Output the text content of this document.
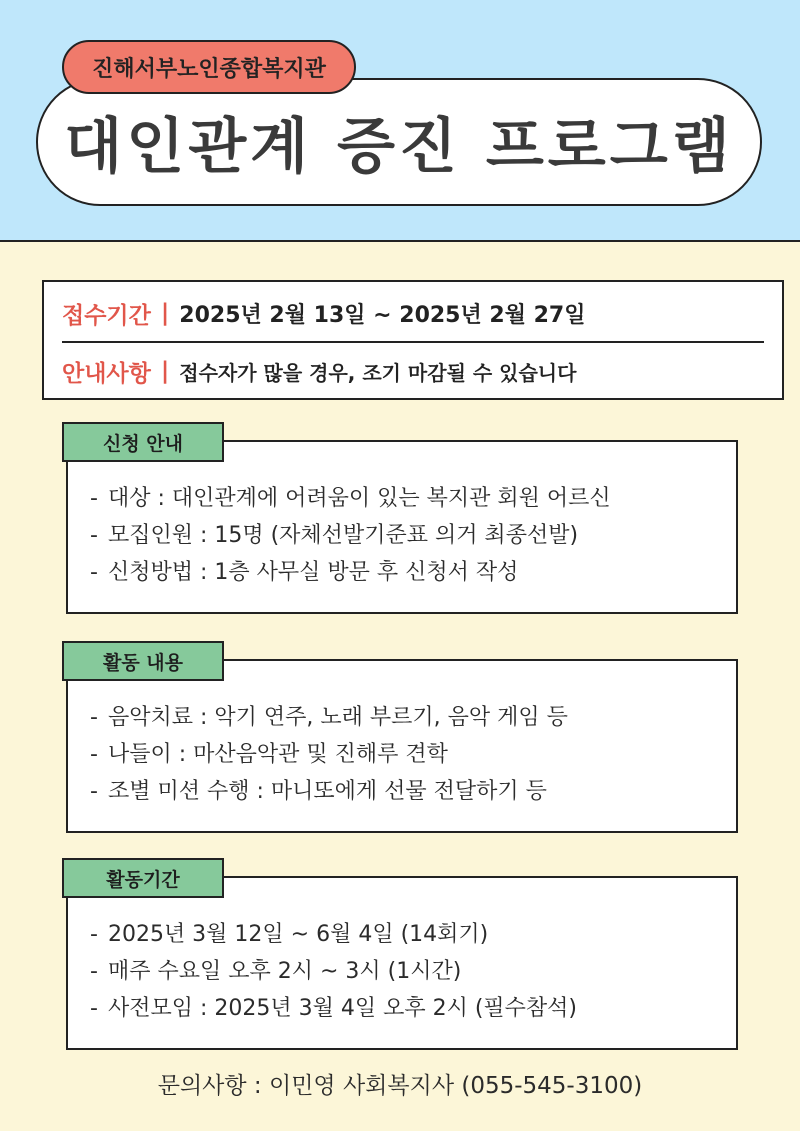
진해서부노인종합복지관
대인관계 증진 프로그램
접수기간 | 2025년 2월 13일 ~ 2025년 2월 27일
안내사항 | 접수자가 많을 경우, 조기 마감될 수 있습니다
신청 안내
- 대상 : 대인관계에 어려움이 있는 복지관 회원 어르신
- 모집인원 : 15명 (자체선발기준표 의거 최종선발)
- 신청방법 : 1층 사무실 방문 후 신청서 작성
활동 내용
- 음악치료 : 악기 연주, 노래 부르기, 음악 게임 등
- 나들이 : 마산음악관 및 진해루 견학
- 조별 미션 수행 : 마니또에게 선물 전달하기 등
활동기간
- 2025년 3월 12일 ~ 6월 4일 (14회기)
- 매주 수요일 오후 2시 ~ 3시 (1시간)
- 사전모임 : 2025년 3월 4일 오후 2시 (필수참석)
문의사항 : 이민영 사회복지사 (055-545-3100)
